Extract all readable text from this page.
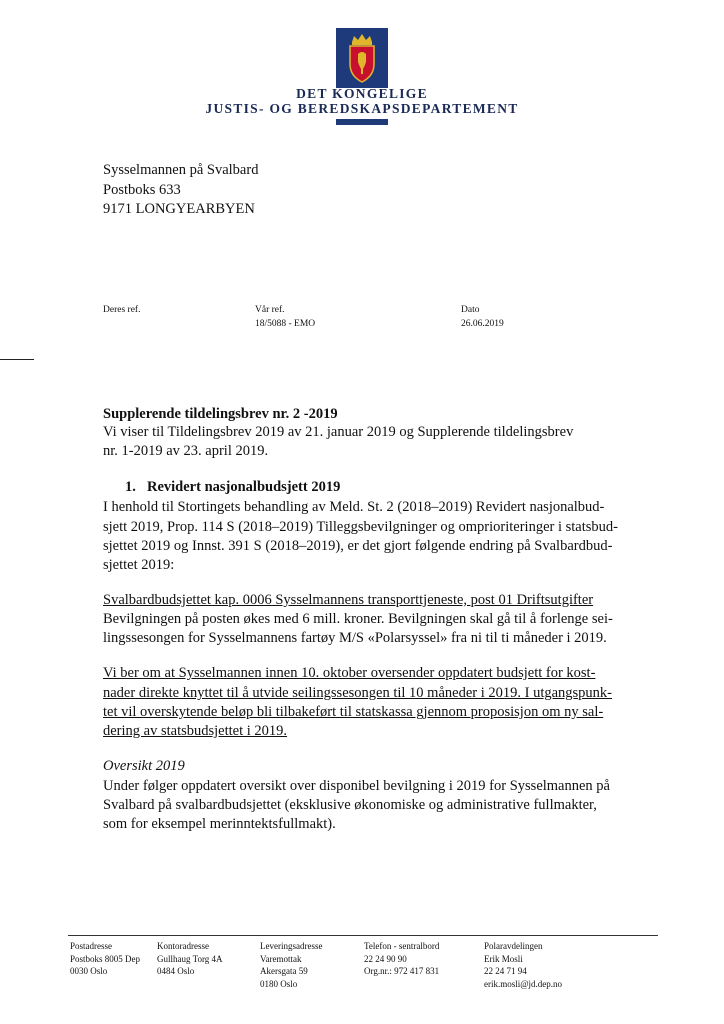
DET KONGELIGE
JUSTIS- OG BEREDSKAPSDEPARTEMENT
Sysselmannen på Svalbard
Postboks 633
9171 LONGYEARBYEN
Deres ref.	Vår ref.
18/5088 - EMO
Dato
26.06.2019
Supplerende tildelingsbrev nr. 2 -2019
Vi viser til Tildelingsbrev 2019 av 21. januar 2019 og Supplerende tildelingsbrev
nr. 1-2019 av 23. april 2019.
1. Revidert nasjonalbudsjett 2019
I henhold til Stortingets behandling av Meld. St. 2 (2018–2019) Revidert nasjonalbud-
sjett 2019, Prop. 114 S (2018–2019) Tilleggsbevilgninger og omprioriteringer i statsbud-
sjettet 2019 og Innst. 391 S (2018–2019), er det gjort følgende endring på Svalbardbud-
sjettet 2019:
Svalbardbudsjettet kap. 0006 Sysselmannens transporttjeneste, post 01 Driftsutgifter
Bevilgningen på posten økes med 6 mill. kroner. Bevilgningen skal gå til å forlenge sei-
lingssesongen for Sysselmannens fartøy M/S «Polarsyssel» fra ni til ti måneder i 2019.
Vi ber om at Sysselmannen innen 10. oktober oversender oppdatert budsjett for kost-
nader direkte knyttet til å utvide seilingssesongen til 10 måneder i 2019. I utgangspunk-
tet vil overskytende beløp bli tilbakeført til statskassa gjennom proposisjon om ny sal-
dering av statsbudsjettet i 2019.
Oversikt 2019
Under følger oppdatert oversikt over disponibel bevilgning i 2019 for Sysselmannen på
Svalbard på svalbardbudsjettet (eksklusive økonomiske og administrative fullmakter,
som for eksempel merinntektsfullmakt).
Postadresse
Postboks 8005 Dep
0030 Oslo
Kontoradresse
Gullhaug Torg 4A
0484 Oslo
Leveringsadresse
Varemottak
Akersgata 59
0180 Oslo
Telefon - sentralbord
22 24 90 90
Org.nr.: 972 417 831
Polaravdelingen
Erik Mosli
22 24 71 94
erik.mosli@jd.dep.no
